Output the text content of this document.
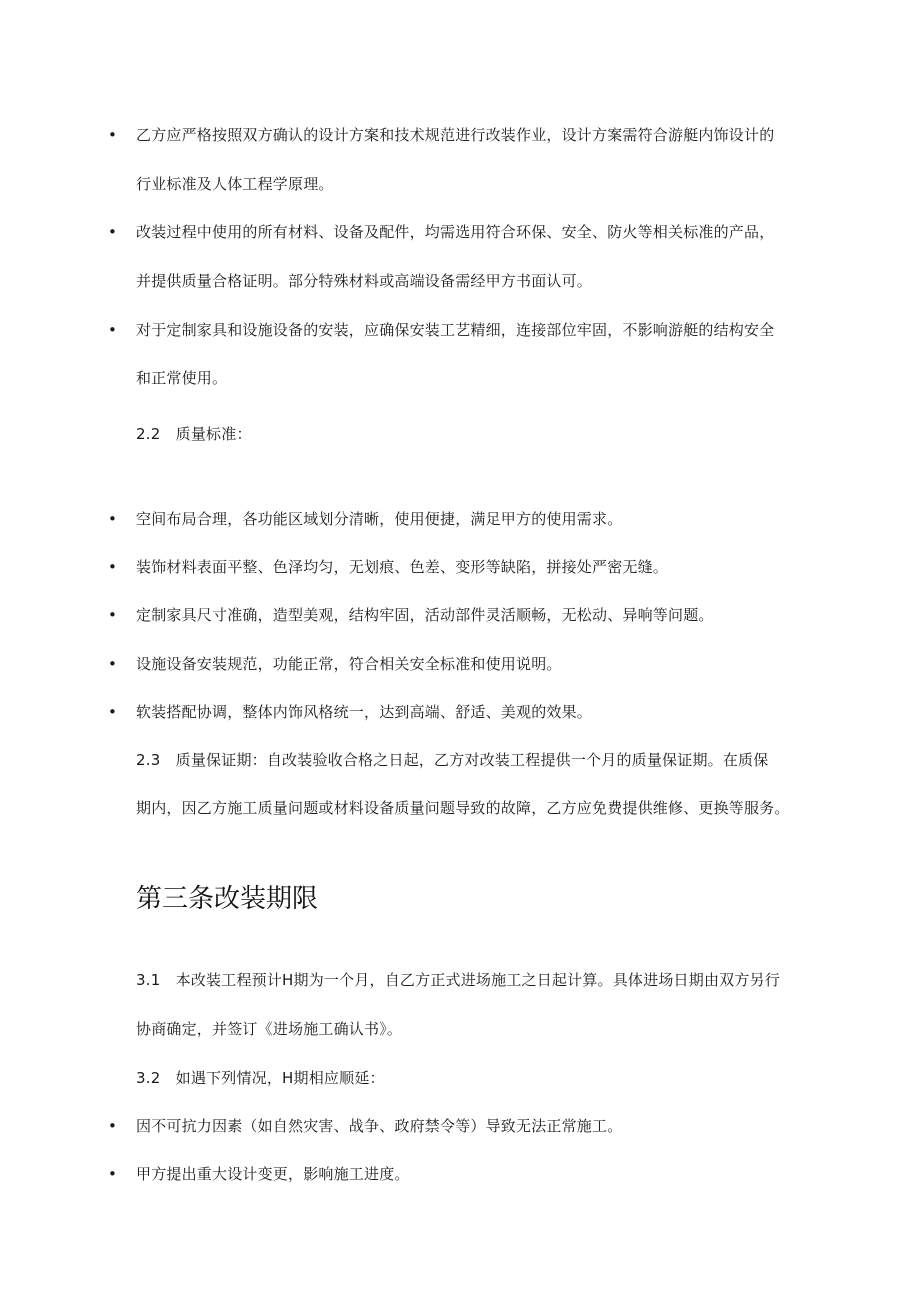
• 乙方应严格按照双方确认的设计方案和技术规范进行改装作业，设计方案需符合游艇内饰设计的
行业标准及人体工程学原理。
• 改装过程中使用的所有材料、设备及配件，均需选用符合环保、安全、防火等相关标准的产品，
并提供质量合格证明。部分特殊材料或高端设备需经甲方书面认可。
• 对于定制家具和设施设备的安装，应确保安装工艺精细，连接部位牢固，不影响游艇的结构安全
和正常使用。
2.2　质量标准：
• 空间布局合理，各功能区域划分清晰，使用便捷，满足甲方的使用需求。
• 装饰材料表面平整、色泽均匀，无划痕、色差、变形等缺陷，拼接处严密无缝。
• 定制家具尺寸准确，造型美观，结构牢固，活动部件灵活顺畅，无松动、异响等问题。
• 设施设备安装规范，功能正常，符合相关安全标准和使用说明。
• 软装搭配协调，整体内饰风格统一，达到高端、舒适、美观的效果。
2.3　质量保证期：自改装验收合格之日起，乙方对改装工程提供一个月的质量保证期。在质保
期内，因乙方施工质量问题或材料设备质量问题导致的故障，乙方应免费提供维修、更换等服务。
第三条改装期限
3.1　本改装工程预计H期为一个月，自乙方正式进场施工之日起计算。具体进场日期由双方另行
协商确定，并签订《进场施工确认书》。
3.2　如遇下列情况，H期相应顺延：
• 因不可抗力因素（如自然灾害、战争、政府禁令等）导致无法正常施工。
• 甲方提出重大设计变更，影响施工进度。
